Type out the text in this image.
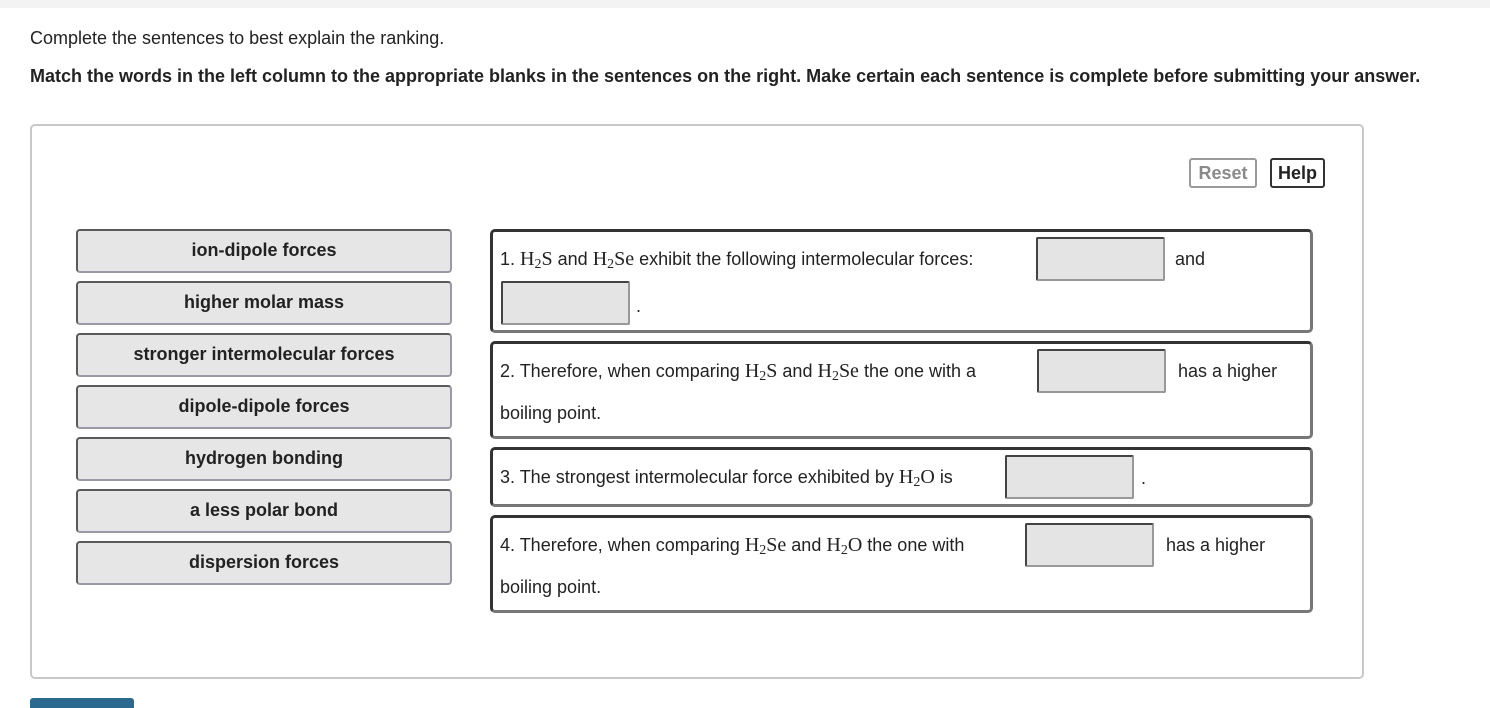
Complete the sentences to best explain the ranking.
Match the words in the left column to the appropriate blanks in the sentences on the right. Make certain each sentence is complete before submitting your answer.
Reset	Help
ion-dipole forces
higher molar mass
stronger intermolecular forces
dipole-dipole forces
hydrogen bonding
a less polar bond
dispersion forces
1. $H_2S$ and $H_2Se$ exhibit the following intermolecular forces:	and
.
2. Therefore, when comparing $H_2S$ and $H_2Se$ the one with a	has a higher
boiling point.
3. The strongest intermolecular force exhibited by $H_2O$ is	.
4. Therefore, when comparing $H_2Se$ and $H_2O$ the one with	has a higher
boiling point.
